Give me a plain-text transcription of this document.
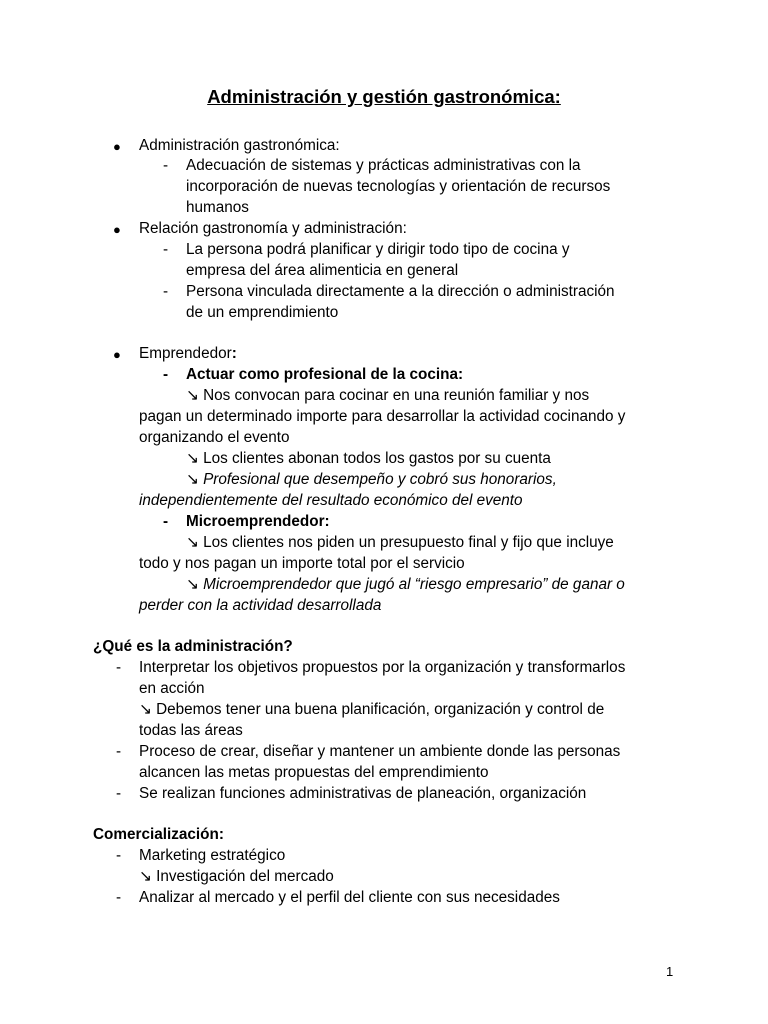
Administración y gestión gastronómica:
● Administración gastronómica:
- Adecuación de sistemas y prácticas administrativas con la
incorporación de nuevas tecnologías y orientación de recursos
humanos
● Relación gastronomía y administración:
- La persona podrá planificar y dirigir todo tipo de cocina y
empresa del área alimenticia en general
- Persona vinculada directamente a la dirección o administración
de un emprendimiento
● Emprendedor:
- Actuar como profesional de la cocina:
↘ Nos convocan para cocinar en una reunión familiar y nos
pagan un determinado importe para desarrollar la actividad cocinando y
organizando el evento
↘ Los clientes abonan todos los gastos por su cuenta
↘ Profesional que desempeño y cobró sus honorarios,
independientemente del resultado económico del evento
- Microemprendedor:
↘ Los clientes nos piden un presupuesto final y fijo que incluye
todo y nos pagan un importe total por el servicio
↘ Microemprendedor que jugó al “riesgo empresario” de ganar o
perder con la actividad desarrollada
¿Qué es la administración?
- Interpretar los objetivos propuestos por la organización y transformarlos
en acción
↘ Debemos tener una buena planificación, organización y control de
todas las áreas
- Proceso de crear, diseñar y mantener un ambiente donde las personas
alcancen las metas propuestas del emprendimiento
- Se realizan funciones administrativas de planeación, organización
Comercialización:
- Marketing estratégico
↘ Investigación del mercado
- Analizar al mercado y el perfil del cliente con sus necesidades
1
